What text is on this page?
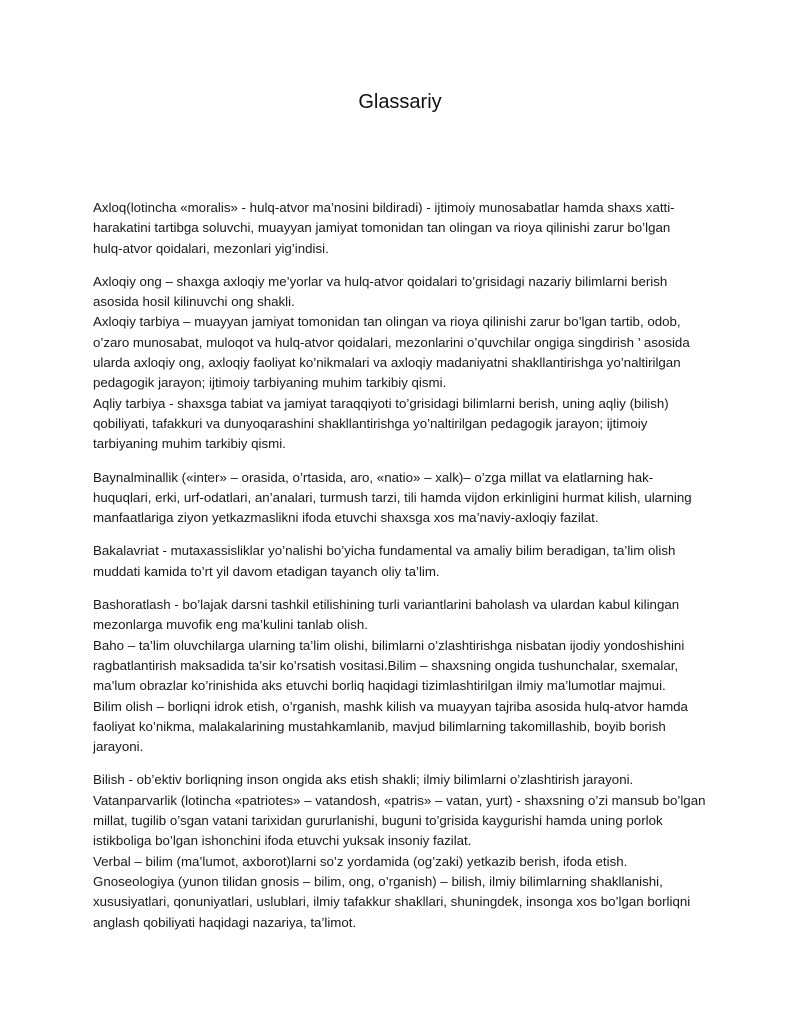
Glassariy
Axloq(lotincha «moralis» - hulq-atvor ma’nosini bildiradi) - ijtimoiy munosabatlar hamda shaxs xatti-
harakatini tartibga soluvchi, muayyan jamiyat tomonidan tan olingan va rioya qilinishi zarur bo’lgan
hulq-atvor qoidalari, mezonlari yig’indisi.
Axloqiy ong – shaxga axloqiy me’yorlar va hulq-atvor qoidalari to’grisidagi nazariy bilimlarni berish
asosida hosil kilinuvchi ong shakli.
Axloqiy tarbiya – muayyan jamiyat tomonidan tan olingan va rioya qilinishi zarur bo’lgan tartib, odob,
o’zaro munosabat, muloqot va hulq-atvor qoidalari, mezonlarini o’quvchilar ongiga singdirish ’ asosida
ularda axloqiy ong, axloqiy faoliyat ko’nikmalari va axloqiy madaniyatni shakllantirishga yo’naltirilgan
pedagogik jarayon; ijtimoiy tarbiyaning muhim tarkibiy qismi.
Aqliy tarbiya - shaxsga tabiat va jamiyat taraqqiyoti to’grisidagi bilimlarni berish, uning aqliy (bilish)
qobiliyati, tafakkuri va dunyoqarashini shakllantirishga yo’naltirilgan pedagogik jarayon; ijtimoiy
tarbiyaning muhim tarkibiy qismi.
Baynalminallik («inter» – orasida, o’rtasida, aro, «natio» – xalk)– o’zga millat va elatlarning hak-
huquqlari, erki, urf-odatlari, an’analari, turmush tarzi, tili hamda vijdon erkinligini hurmat kilish, ularning
manfaatlariga ziyon yetkazmaslikni ifoda etuvchi shaxsga xos ma’naviy-axloqiy fazilat.
Bakalavriat - mutaxassisliklar yo’nalishi bo’yicha fundamental va amaliy bilim beradigan, ta’lim olish
muddati kamida to’rt yil davom etadigan tayanch oliy ta’lim.
Bashoratlash - bo’lajak darsni tashkil etilishining turli variantlarini baholash va ulardan kabul kilingan
mezonlarga muvofik eng ma’kulini tanlab olish.
Baho – ta’lim oluvchilarga ularning ta’lim olishi, bilimlarni o’zlashtirishga nisbatan ijodiy yondoshishini
ragbatlantirish maksadida ta’sir ko’rsatish vositasi.Bilim – shaxsning ongida tushunchalar, sxemalar,
ma’lum obrazlar ko’rinishida aks etuvchi borliq haqidagi tizimlashtirilgan ilmiy ma’lumotlar majmui.
Bilim olish – borliqni idrok etish, o’rganish, mashk kilish va muayyan tajriba asosida hulq-atvor hamda
faoliyat ko’nikma, malakalarining mustahkamlanib, mavjud bilimlarning takomillashib, boyib borish
jarayoni.
Bilish - ob’ektiv borliqning inson ongida aks etish shakli; ilmiy bilimlarni o’zlashtirish jarayoni.
Vatanparvarlik (lotincha «patriotes» – vatandosh, «patris» – vatan, yurt) - shaxsning o’zi mansub bo’lgan
millat, tugilib o’sgan vatani tarixidan gururlanishi, buguni to’grisida kaygurishi hamda uning porlok
istikboliga bo’lgan ishonchini ifoda etuvchi yuksak insoniy fazilat.
Verbal – bilim (ma’lumot, axborot)larni so’z yordamida (og’zaki) yetkazib berish, ifoda etish.
Gnoseologiya (yunon tilidan gnosis – bilim, ong, o’rganish) – bilish, ilmiy bilimlarning shakllanishi,
xususiyatlari, qonuniyatlari, uslublari, ilmiy tafakkur shakllari, shuningdek, insonga xos bo’lgan borliqni
anglash qobiliyati haqidagi nazariya, ta’limot.
